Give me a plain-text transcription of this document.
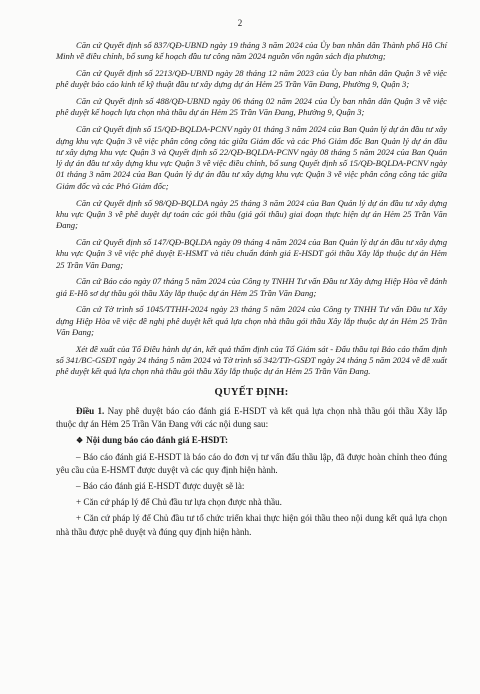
2

Căn cứ Quyết định số 837/QĐ-UBND ngày 19 tháng 3 năm 2024 của Ủy ban nhân dân Thành phố Hồ Chí Minh về điều chỉnh, bổ sung kế hoạch đầu tư công năm 2024 nguồn vốn ngân sách địa phương;

Căn cứ Quyết định số 2213/QĐ-UBND ngày 28 tháng 12 năm 2023 của Ủy ban nhân dân Quận 3 về việc phê duyệt báo cáo kinh tế kỹ thuật đầu tư xây dựng dự án Hẻm 25 Trần Văn Đang, Phường 9, Quận 3;

Căn cứ Quyết định số 488/QĐ-UBND ngày 06 tháng 02 năm 2024 của Ủy ban nhân dân Quận 3 về việc phê duyệt kế hoạch lựa chọn nhà thầu dự án Hẻm 25 Trần Văn Đang, Phường 9, Quận 3;

Căn cứ Quyết định số 15/QĐ-BQLDA-PCNV ngày 01 tháng 3 năm 2024 của Ban Quản lý dự án đầu tư xây dựng khu vực Quận 3 về việc phân công công tác giữa Giám đốc và các Phó Giám đốc Ban Quản lý dự án đầu tư xây dựng khu vực Quận 3 và Quyết định số 22/QĐ-BQLDA-PCNV ngày 08 tháng 5 năm 2024 của Ban Quản lý dự án đầu tư xây dựng khu vực Quận 3 về việc điều chỉnh, bổ sung Quyết định số 15/QĐ-BQLDA-PCNV ngày 01 tháng 3 năm 2024 của Ban Quản lý dự án đầu tư xây dựng khu vực Quận 3 về việc phân công công tác giữa Giám đốc và các Phó Giám đốc;

Căn cứ Quyết định số 98/QĐ-BQLDA ngày 25 tháng 3 năm 2024 của Ban Quản lý dự án đầu tư xây dựng khu vực Quận 3 về phê duyệt dự toán các gói thầu (giá gói thầu) giai đoạn thực hiện dự án Hẻm 25 Trần Văn Đang;

Căn cứ Quyết định số 147/QĐ-BQLDA ngày 09 tháng 4 năm 2024 của Ban Quản lý dự án đầu tư xây dựng khu vực Quận 3 về việc phê duyệt E-HSMT và tiêu chuẩn đánh giá E-HSDT gói thầu Xây lắp thuộc dự án Hẻm 25 Trần Văn Đang;

Căn cứ Báo cáo ngày 07 tháng 5 năm 2024 của Công ty TNHH Tư vấn Đầu tư Xây dựng Hiệp Hòa về đánh giá E-Hồ sơ dự thầu gói thầu Xây lắp thuộc dự án Hẻm 25 Trần Văn Đang;

Căn cứ Tờ trình số 1045/TTHH-2024 ngày 23 tháng 5 năm 2024 của Công ty TNHH Tư vấn Đầu tư Xây dựng Hiệp Hòa về việc đề nghị phê duyệt kết quả lựa chọn nhà thầu gói thầu Xây lắp thuộc dự án Hẻm 25 Trần Văn Đang;

Xét đề xuất của Tổ Điều hành dự án, kết quả thẩm định của Tổ Giám sát - Đấu thầu tại Báo cáo thẩm định số 341/BC-GSĐT ngày 24 tháng 5 năm 2024 và Tờ trình số 342/TTr-GSĐT ngày 24 tháng 5 năm 2024 về đề xuất phê duyệt kết quả lựa chọn nhà thầu gói thầu Xây lắp thuộc dự án Hẻm 25 Trần Văn Đang.

QUYẾT ĐỊNH:

Điều 1. Nay phê duyệt báo cáo đánh giá E-HSDT và kết quả lựa chọn nhà thầu gói thầu Xây lắp thuộc dự án Hẻm 25 Trần Văn Đang với các nội dung sau:

❖ Nội dung báo cáo đánh giá E-HSDT:

– Báo cáo đánh giá E-HSDT là báo cáo do đơn vị tư vấn đấu thầu lập, đã được hoàn chỉnh theo đúng yêu cầu của E-HSMT được duyệt và các quy định hiện hành.

– Báo cáo đánh giá E-HSDT được duyệt sẽ là:

+ Căn cứ pháp lý để Chủ đầu tư lựa chọn được nhà thầu.

+ Căn cứ pháp lý để Chủ đầu tư tổ chức triển khai thực hiện gói thầu theo nội dung kết quả lựa chọn nhà thầu được phê duyệt và đúng quy định hiện hành.
